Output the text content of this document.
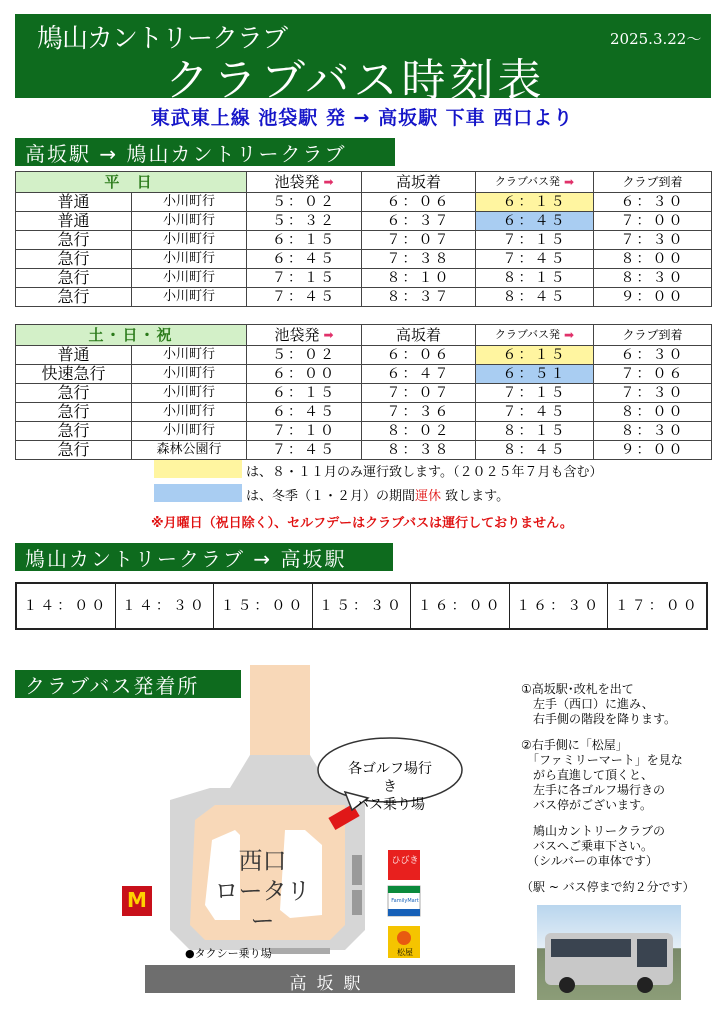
鳩山カントリークラブ
クラブバス時刻表
2025.3.22～
東武東上線 池袋駅 発 → 高坂駅 下車 西口より
高坂駅 → 鳩山カントリークラブ
平 日		池袋発 ➡	高坂着	クラブバス発 ➡	クラブ到着
普通	小川町行	５：０２	６：０６	６：１５	６：３０
普通	小川町行	５：３２	６：３７	６：４５	７：００
急行	小川町行	６：１５	７：０７	７：１５	７：３０
急行	小川町行	６：４５	７：３８	７：４５	８：００
急行	小川町行	７：１５	８：１０	８：１５	８：３０
急行	小川町行	７：４５	８：３７	８：４５	９：００
土・日・祝		池袋発 ➡	高坂着	クラブバス発 ➡	クラブ到着
普通	小川町行	５：０２	６：０６	６：１５	６：３０
快速急行	小川町行	６：００	６：４７	６：５１	７：０６
急行	小川町行	６：１５	７：０７	７：１５	７：３０
急行	小川町行	６：４５	７：３６	７：４５	８：００
急行	小川町行	７：１０	８：０２	８：１５	８：３０
急行	森林公園行	７：４５	８：３８	８：４５	９：００
は、８・１１月のみ運行致します。（２０２５年７月も含む）
は、冬季（１・２月）の期間運休 致します。
※月曜日（祝日除く）、セルフデーはクラブバスは運行しておりません。
鳩山カントリークラブ → 高坂駅
１４：００ １４：３０ １５：００ １５：３０ １６：００ １６：３０ １７：００
クラブバス発着所
各ゴルフ場行き
バス乗り場
西口
ロータリー
●タクシー乗り場
高坂駅
ひびき
FamilyMart
松屋
M
①高坂駅･改札を出て
　左手（西口）に進み、
　右手側の階段を降ります。
②右手側に「松屋」
　「ファミリーマート」を見な
　がら直進して頂くと、
　左手に各ゴルフ場行きの
　バス停がございます。
　鳩山カントリークラブの
　バスへご乗車下さい。
　（シルバーの車体です）
（駅 ~ バス停まで約２分です）
